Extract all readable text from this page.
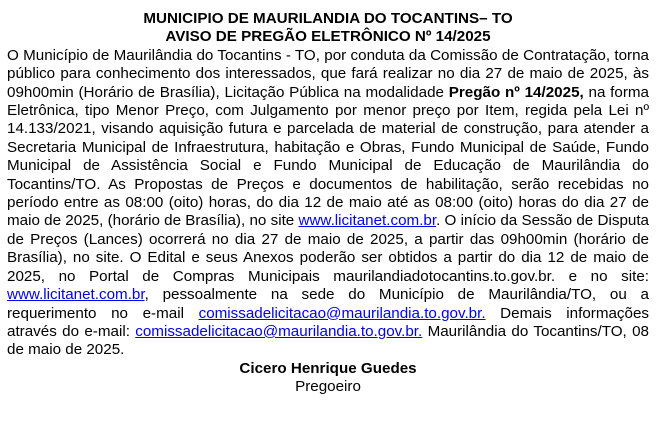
MUNICIPIO DE MAURILANDIA DO TOCANTINS– TO

AVISO DE PREGÃO ELETRÔNICO Nº 14/2025

O Município de Maurilândia do Tocantins - TO, por conduta da Comissão de Contratação, torna público para conhecimento dos interessados, que fará realizar no dia 27 de maio de 2025, às 09h00min (Horário de Brasília), Licitação Pública na modalidade Pregão nº 14/2025, na forma Eletrônica, tipo Menor Preço, com Julgamento por menor preço por Item, regida pela Lei nº 14.133/2021, visando aquisição futura e parcelada de material de construção, para atender a Secretaria Municipal de Infraestrutura, habitação e Obras, Fundo Municipal de Saúde, Fundo Municipal de Assistência Social e Fundo Municipal de Educação de Maurilândia do Tocantins/TO. As Propostas de Preços e documentos de habilitação, serão recebidas no período entre as 08:00 (oito) horas, do dia 12 de maio até as 08:00 (oito) horas do dia 27 de maio de 2025, (horário de Brasília), no site www.licitanet.com.br. O início da Sessão de Disputa de Preços (Lances) ocorrerá no dia 27 de maio de 2025, a partir das 09h00min (horário de Brasília), no site. O Edital e seus Anexos poderão ser obtidos a partir do dia 12 de maio de 2025, no Portal de Compras Municipais maurilandiadotocantins.to.gov.br. e no site: www.licitanet.com.br, pessoalmente na sede do Município de Maurilândia/TO, ou a requerimento no e-mail comissadelicitacao@maurilandia.to.gov.br. Demais informações através do e-mail: comissadelicitacao@maurilandia.to.gov.br. Maurilândia do Tocantins/TO, 08 de maio de 2025.

Cicero Henrique Guedes

Pregoeiro
